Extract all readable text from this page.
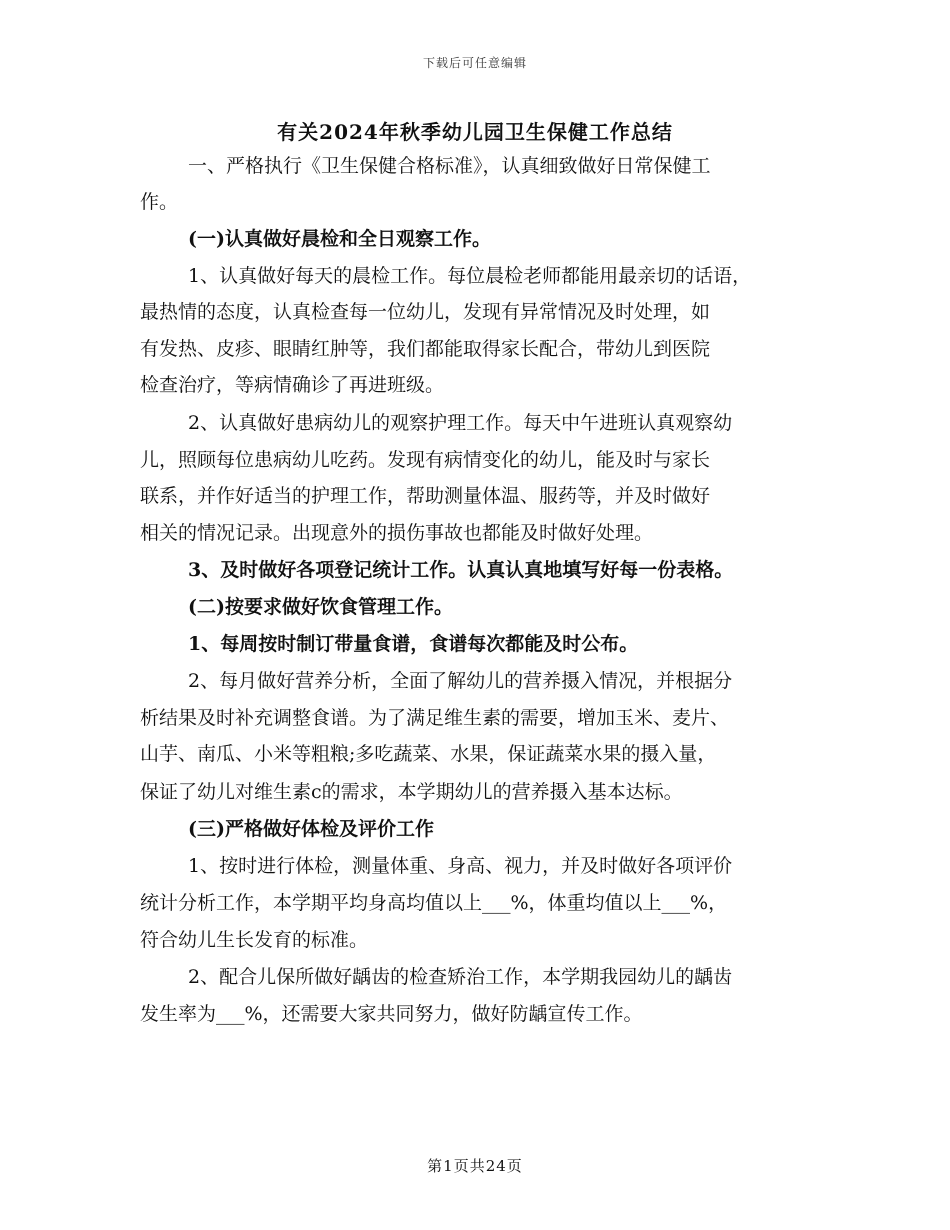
下载后可任意编辑
有关2024年秋季幼儿园卫生保健工作总结
一、严格执行《卫生保健合格标准》，认真细致做好日常保健工
作。
(一)认真做好晨检和全日观察工作。
1、认真做好每天的晨检工作。每位晨检老师都能用最亲切的话语，
最热情的态度，认真检查每一位幼儿，发现有异常情况及时处理，如
有发热、皮疹、眼睛红肿等，我们都能取得家长配合，带幼儿到医院
检查治疗，等病情确诊了再进班级。
2、认真做好患病幼儿的观察护理工作。每天中午进班认真观察幼
儿，照顾每位患病幼儿吃药。发现有病情变化的幼儿，能及时与家长
联系，并作好适当的护理工作，帮助测量体温、服药等，并及时做好
相关的情况记录。出现意外的损伤事故也都能及时做好处理。
3、及时做好各项登记统计工作。认真认真地填写好每一份表格。
(二)按要求做好饮食管理工作。
1、每周按时制订带量食谱，食谱每次都能及时公布。
2、每月做好营养分析，全面了解幼儿的营养摄入情况，并根据分
析结果及时补充调整食谱。为了满足维生素的需要，增加玉米、麦片、
山芋、南瓜、小米等粗粮;多吃蔬菜、水果，保证蔬菜水果的摄入量，
保证了幼儿对维生素c的需求，本学期幼儿的营养摄入基本达标。
(三)严格做好体检及评价工作
1、按时进行体检，测量体重、身高、视力，并及时做好各项评价
统计分析工作，本学期平均身高均值以上___%，体重均值以上___%，
符合幼儿生长发育的标准。
2、配合儿保所做好龋齿的检查矫治工作，本学期我园幼儿的龋齿
发生率为___%，还需要大家共同努力，做好防龋宣传工作。
第1页共24页
